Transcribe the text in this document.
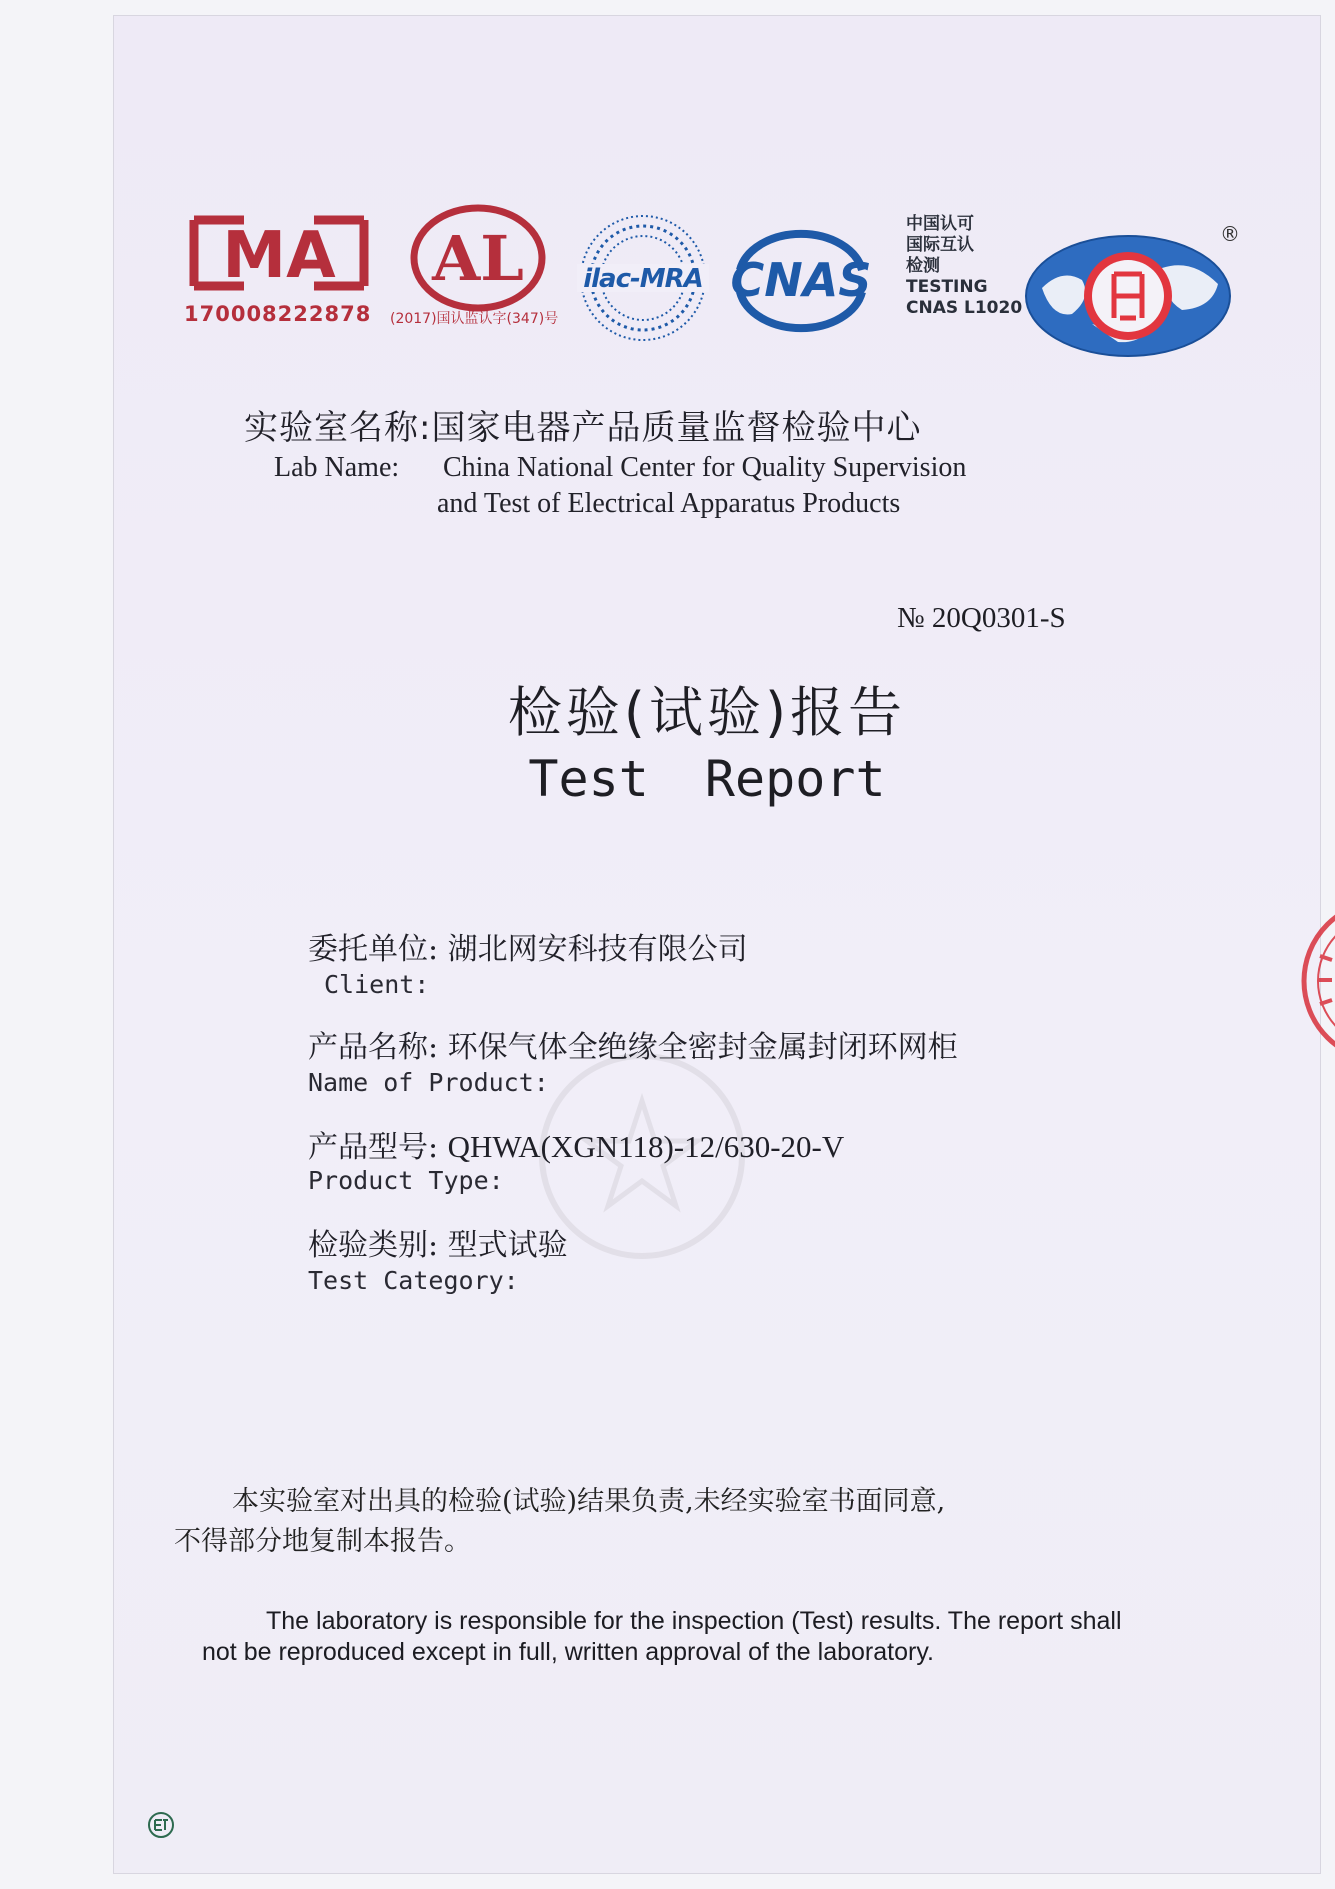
MA
170008222878
AL
(2017)国认监认字(347)号
ilac-MRA CNAS
中国认可
国际互认
检测
TESTING
CNAS L1020
®
实验室名称:国家电器产品质量监督检验中心
Lab Name: China National Center for Quality Supervision
and Test of Electrical Apparatus Products
№ 20Q0301-S
检验(试验)报告
Test Report
委托单位: 湖北网安科技有限公司
Client:
产品名称: 环保气体全绝缘全密封金属封闭环网柜
Name of Product:
产品型号: QHWA(XGN118)-12/630-20-V
Product Type:
检验类别: 型式试验
Test Category:
本实验室对出具的检验(试验)结果负责,未经实验室书面同意,
不得部分地复制本报告。
The laboratory is responsible for the inspection (Test) results. The report shall
not be reproduced except in full, written approval of the laboratory.
